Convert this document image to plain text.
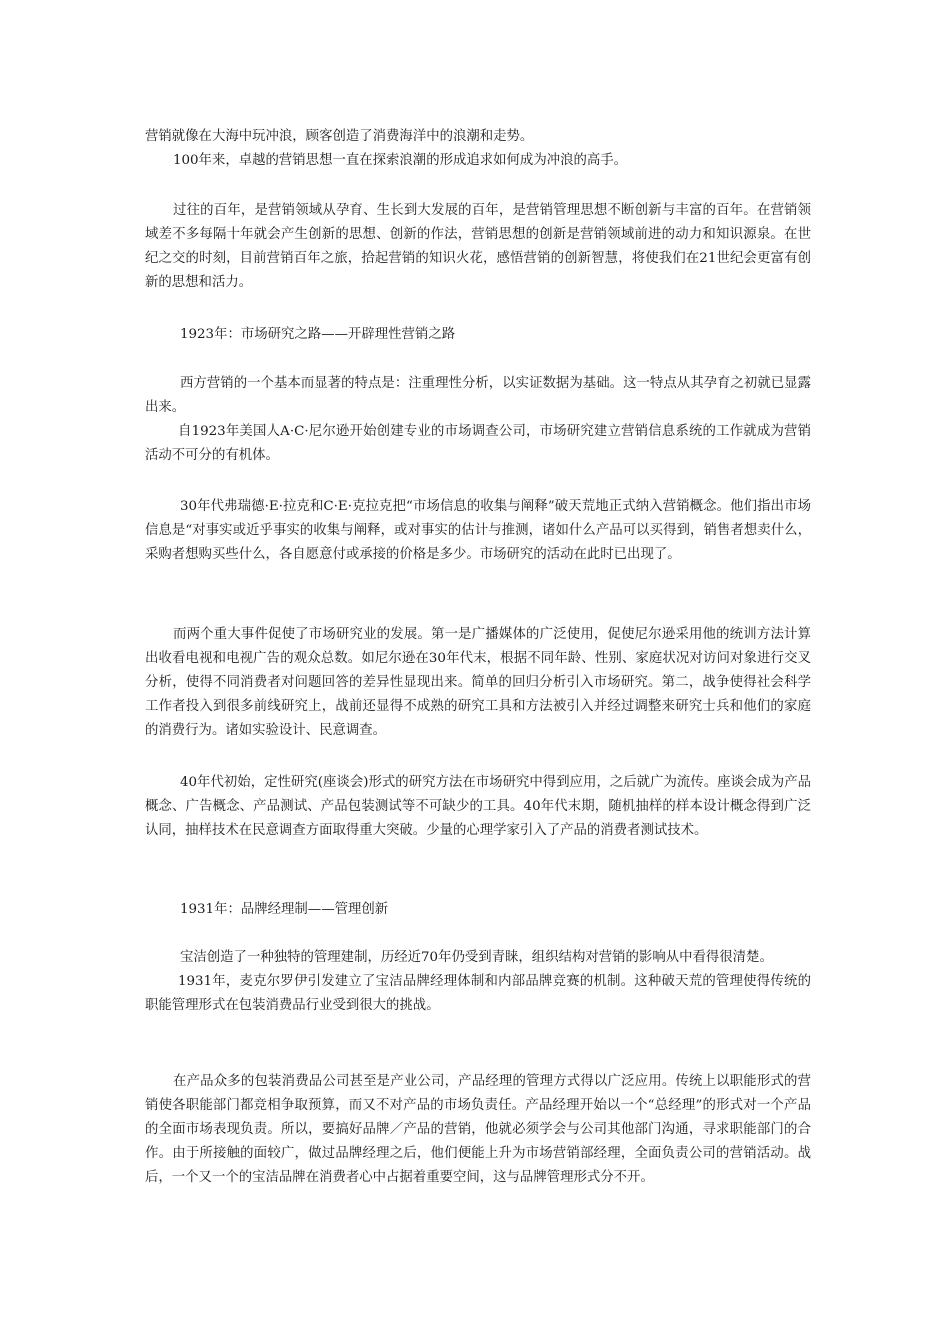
营销就像在大海中玩冲浪，顾客创造了消费海洋中的浪潮和走势。

100年来，卓越的营销思想一直在探索浪潮的形成追求如何成为冲浪的高手。

过往的百年，是营销领域从孕育、生长到大发展的百年，是营销管理思想不断创新与丰富的百年。在营销领域差不多每隔十年就会产生创新的思想、创新的作法，营销思想的创新是营销领域前进的动力和知识源泉。在世纪之交的时刻，目前营销百年之旅，拾起营销的知识火花，感悟营销的创新智慧，将使我们在21世纪会更富有创新的思想和活力。

1923年：市场研究之路——开辟理性营销之路

西方营销的一个基本而显著的特点是：注重理性分析，以实证数据为基础。这一特点从其孕育之初就已显露出来。

自1923年美国人A·C·尼尔逊开始创建专业的市场调查公司，市场研究建立营销信息系统的工作就成为营销活动不可分的有机体。

30年代弗瑞德·E·拉克和C·E·克拉克把“市场信息的收集与阐释”破天荒地正式纳入营销概念。他们指出市场信息是“对事实或近乎事实的收集与阐释，或对事实的估计与推测，诸如什么产品可以买得到，销售者想卖什么，采购者想购买些什么，各自愿意付或承接的价格是多少。市场研究的活动在此时已出现了。

而两个重大事件促使了市场研究业的发展。第一是广播媒体的广泛使用，促使尼尔逊采用他的统训方法计算出收看电视和电视广告的观众总数。如尼尔逊在30年代末，根据不同年龄、性别、家庭状况对访问对象进行交叉分析，使得不同消费者对问题回答的差异性显现出来。简单的回归分析引入市场研究。第二，战争使得社会科学工作者投入到很多前线研究上，战前还显得不成熟的研究工具和方法被引入并经过调整来研究士兵和他们的家庭的消费行为。诸如实验设计、民意调查。

40年代初始，定性研究(座谈会)形式的研究方法在市场研究中得到应用，之后就广为流传。座谈会成为产品概念、广告概念、产品测试、产品包装测试等不可缺少的工具。40年代末期，随机抽样的样本设计概念得到广泛认同，抽样技术在民意调查方面取得重大突破。少量的心理学家引入了产品的消费者测试技术。

1931年：品牌经理制——管理创新

宝洁创造了一种独特的管理建制，历经近70年仍受到青睐，组织结构对营销的影响从中看得很清楚。

1931年，麦克尔罗伊引发建立了宝洁品牌经理体制和内部品牌竞赛的机制。这种破天荒的管理使得传统的职能管理形式在包装消费品行业受到很大的挑战。

在产品众多的包装消费品公司甚至是产业公司，产品经理的管理方式得以广泛应用。传统上以职能形式的营销使各职能部门都竞相争取预算，而又不对产品的市场负责任。产品经理开始以一个“总经理”的形式对一个产品的全面市场表现负责。所以，要搞好品牌／产品的营销，他就必须学会与公司其他部门沟通，寻求职能部门的合作。由于所接触的面较广，做过品牌经理之后，他们便能上升为市场营销部经理，全面负责公司的营销活动。战后，一个又一个的宝洁品牌在消费者心中占据着重要空间，这与品牌管理形式分不开。
